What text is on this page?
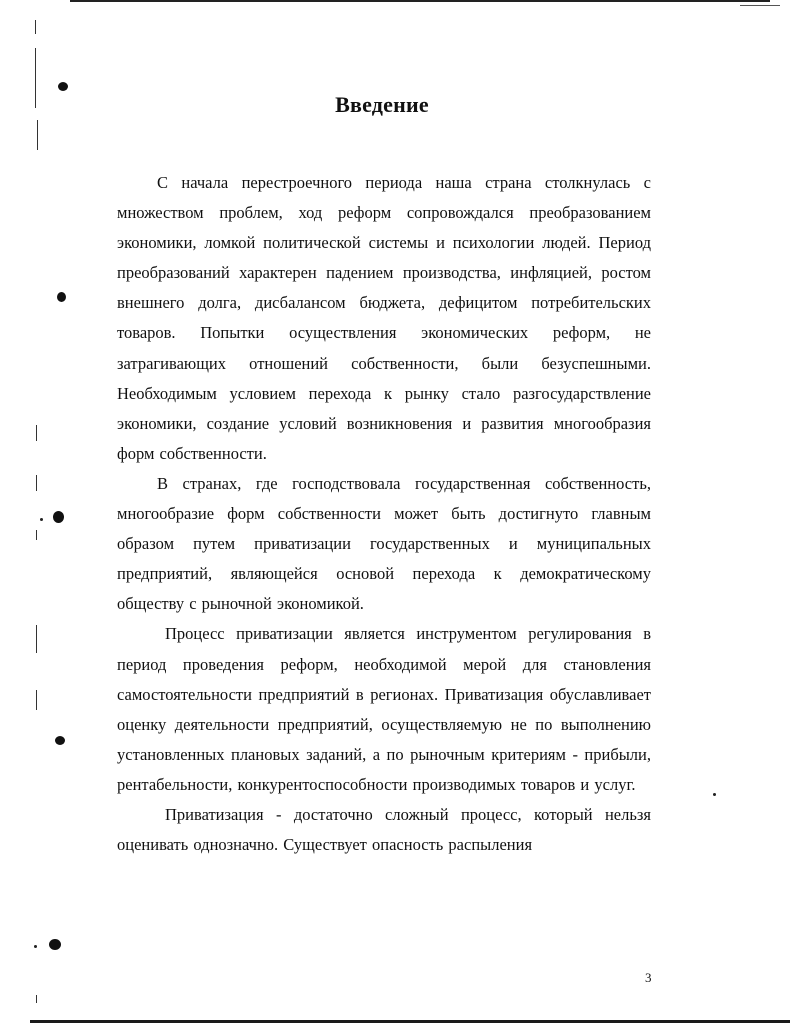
Введение

С начала перестроечного периода наша страна столкнулась с множеством проблем, ход реформ сопровождался преобразованием экономики, ломкой политической системы и психологии людей. Период преобразований характерен падением производства, инфляцией, ростом внешнего долга, дисбалансом бюджета, дефицитом потребительских товаров. Попытки осуществления экономических реформ, не затрагивающих отношений собственности, были безуспешными. Необходимым условием перехода к рынку стало разгосударствление экономики, создание условий возникновения и развития многообразия форм собственности.

В странах, где господствовала государственная собственность, многообразие форм собственности может быть достигнуто главным образом путем приватизации государственных и муниципальных предприятий, являющейся основой перехода к демократическому обществу с рыночной экономикой.

Процесс приватизации является инструментом регулирования в период проведения реформ, необходимой мерой для становления самостоятельности предприятий в регионах. Приватизация обуславливает оценку деятельности предприятий, осуществляемую не по выполнению установленных плановых заданий, а по рыночным критериям - прибыли, рентабельности, конкурентоспособности производимых товаров и услуг.

Приватизация - достаточно сложный процесс, который нельзя оценивать однозначно. Существует опасность распыления

3
